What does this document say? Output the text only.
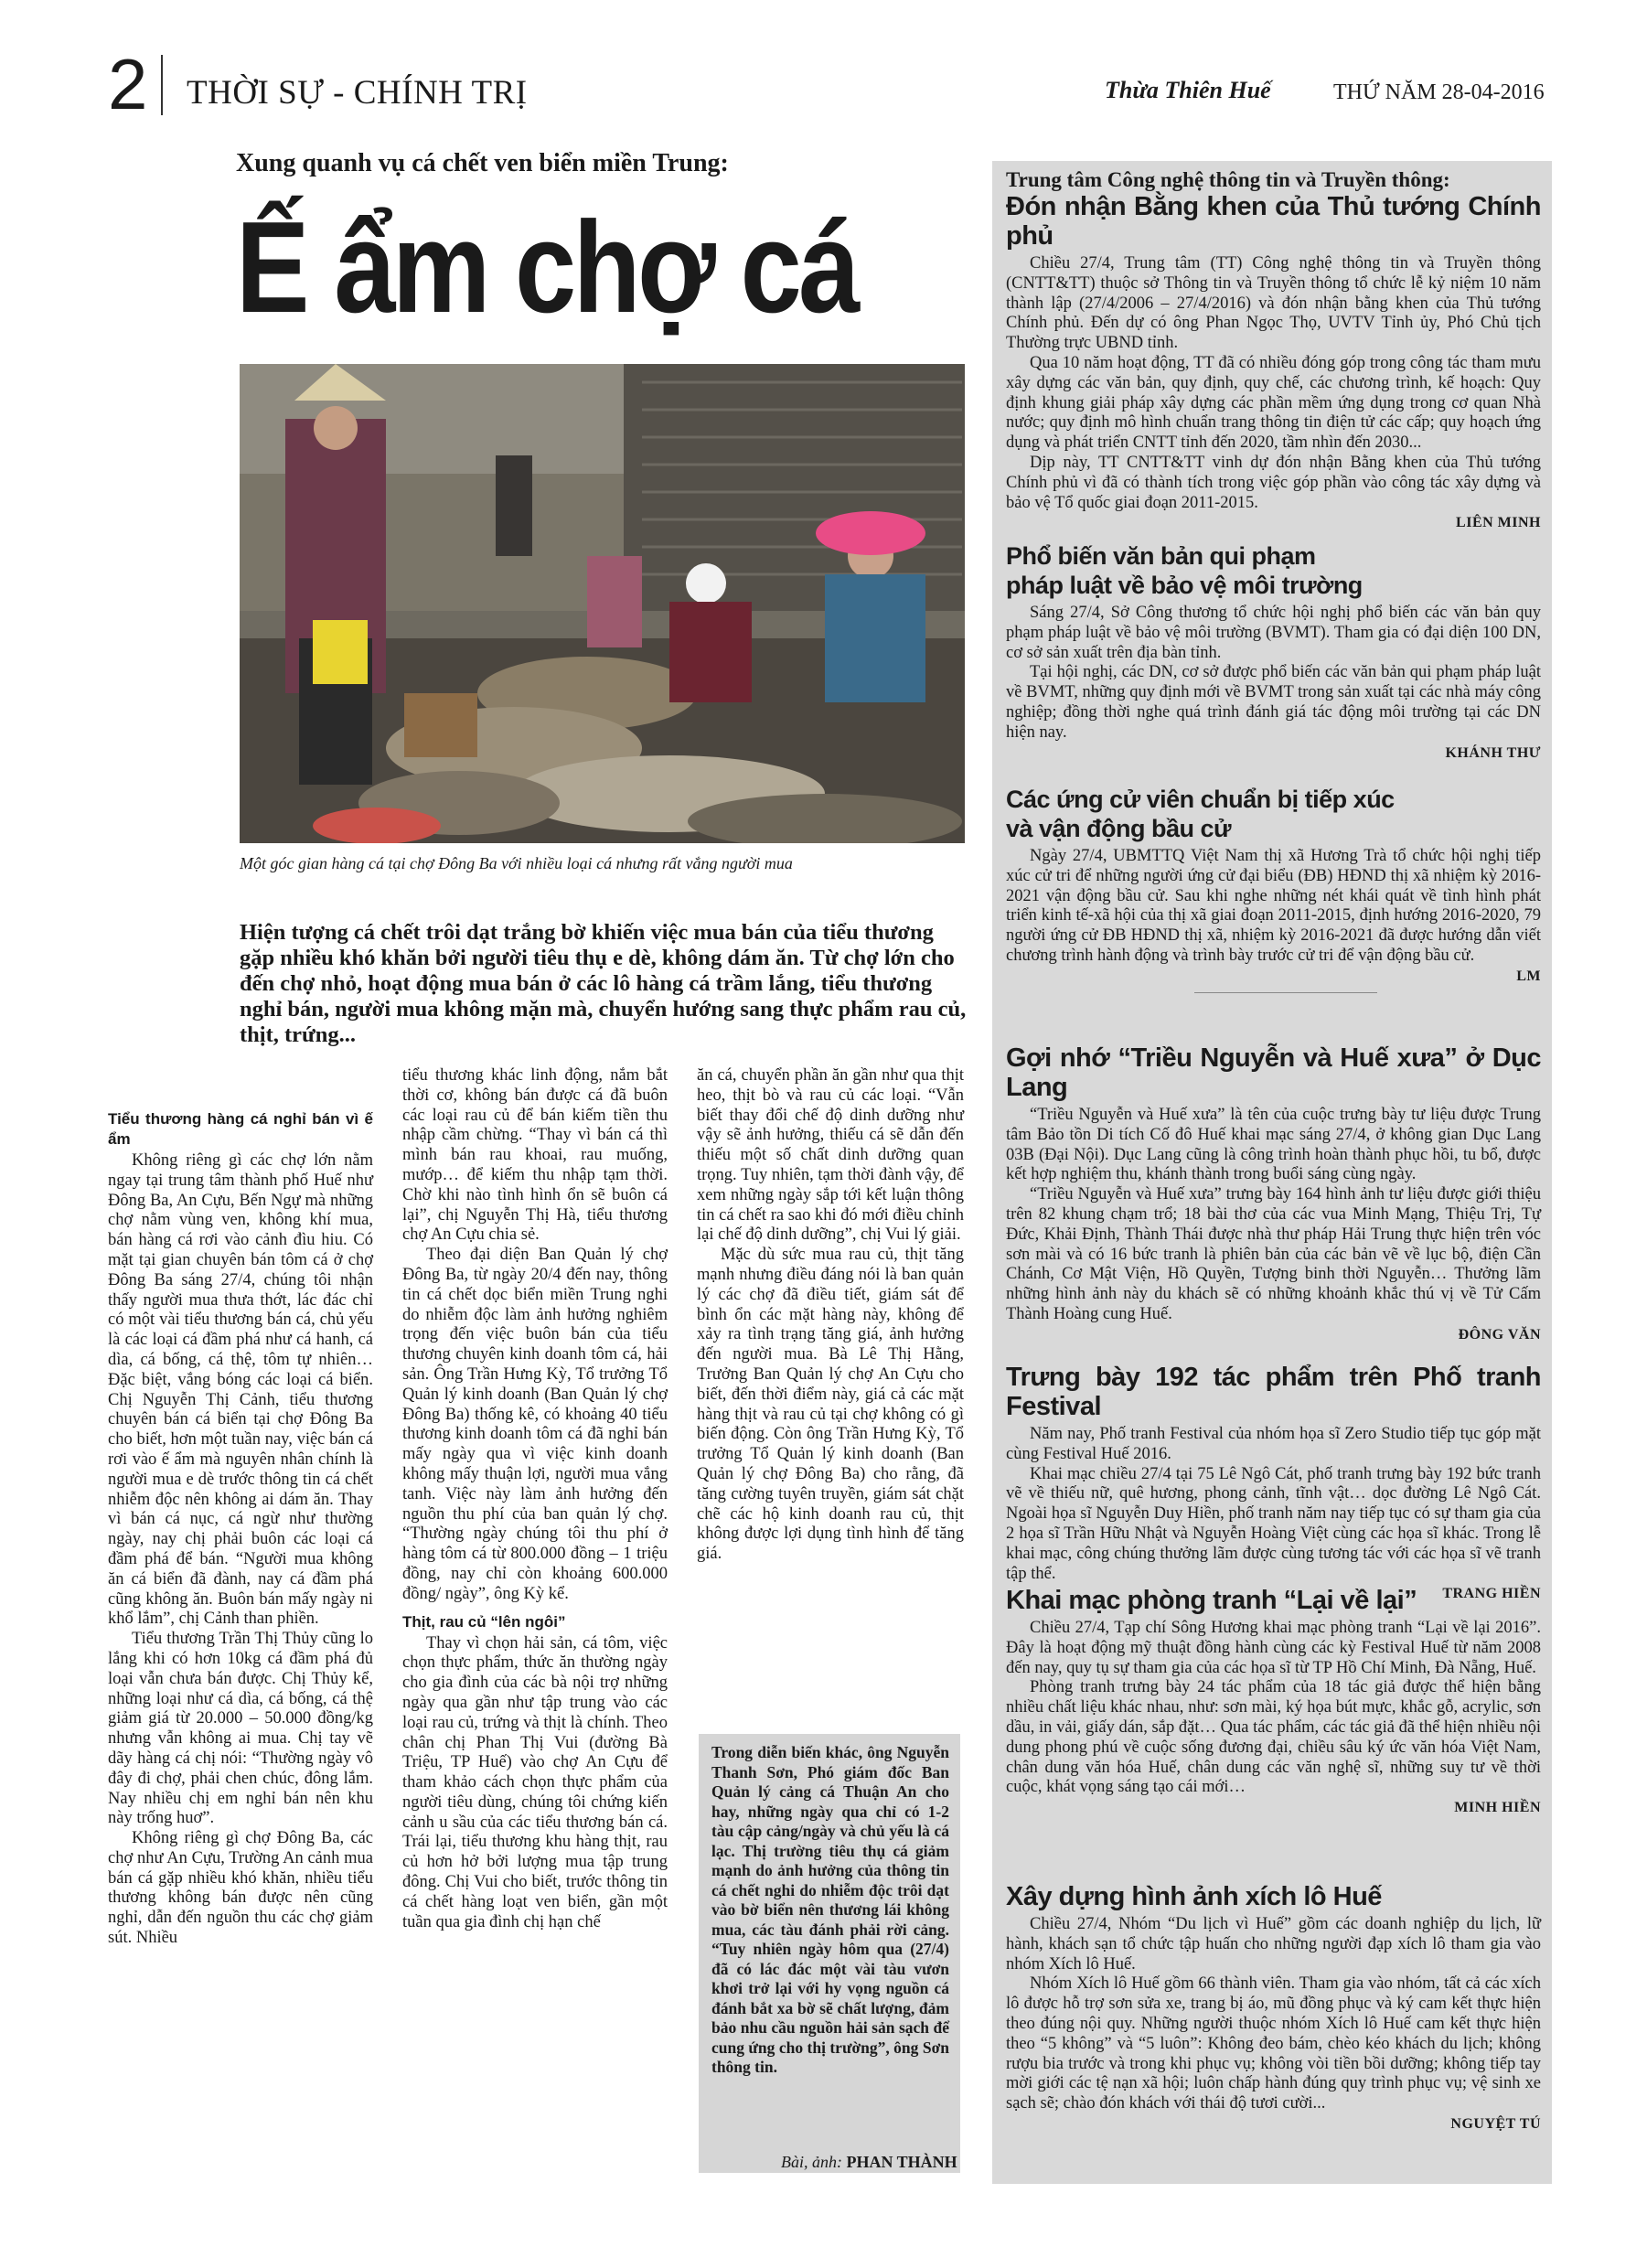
2 THỜI SỰ - CHÍNH TRỊ	Thừa Thiên Huế	THỨ NĂM 28-04-2016
Xung quanh vụ cá chết ven biển miền Trung:
Ế ẩm chợ cá
Một góc gian hàng cá tại chợ Đông Ba với nhiều loại cá nhưng rất vắng người mua
Hiện tượng cá chết trôi dạt trắng bờ khiến việc mua bán của tiểu thương gặp nhiều khó khăn bởi người tiêu thụ e dè, không dám ăn. Từ chợ lớn cho đến chợ nhỏ, hoạt động mua bán ở các lô hàng cá trầm lắng, tiểu thương nghỉ bán, người mua không mặn mà, chuyển hướng sang thực phẩm rau củ, thịt, trứng...
Tiểu thương hàng cá nghỉ bán vì ế ẩm

Không riêng gì các chợ lớn nằm ngay tại trung tâm thành phố Huế như Đông Ba, An Cựu, Bến Ngự mà những chợ nằm vùng ven, không khí mua, bán hàng cá rơi vào cảnh đìu hiu. Có mặt tại gian chuyên bán tôm cá ở chợ Đông Ba sáng 27/4, chúng tôi nhận thấy người mua thưa thớt, lác đác chỉ có một vài tiểu thương bán cá, chủ yếu là các loại cá đầm phá như cá hanh, cá dìa, cá bống, cá thệ, tôm tự nhiên…Đặc biệt, vắng bóng các loại cá biển. Chị Nguyễn Thị Cảnh, tiểu thương chuyên bán cá biển tại chợ Đông Ba cho biết, hơn một tuần nay, việc bán cá rơi vào ế ẩm mà nguyên nhân chính là người mua e dè trước thông tin cá chết nhiễm độc nên không ai dám ăn. Thay vì bán cá nục, cá ngừ như thường ngày, nay chị phải buôn các loại cá đầm phá để bán. “Người mua không ăn cá biển đã đành, nay cá đầm phá cũng không ăn. Buôn bán mấy ngày ni khổ lắm”, chị Cảnh than phiền.

Tiểu thương Trần Thị Thủy cũng lo lắng khi có hơn 10kg cá đầm phá đủ loại vẫn chưa bán được. Chị Thủy kể, những loại như cá dìa, cá bống, cá thệ giảm giá từ 20.000 – 50.000 đồng/kg nhưng vẫn không ai mua. Chị tay vẽ dãy hàng cá chị nói: “Thường ngày vô đây đi chợ, phải chen chúc, đông lắm. Nay nhiều chị em nghỉ bán nên khu này trống huơ”.

Không riêng gì chợ Đông Ba, các chợ như An Cựu, Trường An cảnh mua bán cá gặp nhiều khó khăn, nhiều tiểu thương không bán được nên cũng nghỉ, dẫn đến nguồn thu các chợ giảm sút. Nhiều

tiểu thương khác linh động, nắm bắt thời cơ, không bán được cá đã buôn các loại rau củ để bán kiếm tiền thu nhập cầm chừng. “Thay vì bán cá thì mình bán rau khoai, rau muống, mướp… để kiếm thu nhập tạm thời. Chờ khi nào tình hình ổn sẽ buôn cá lại”, chị Nguyễn Thị Hà, tiểu thương chợ An Cựu chia sẻ.

Theo đại diện Ban Quản lý chợ Đông Ba, từ ngày 20/4 đến nay, thông tin cá chết dọc biển miền Trung nghi do nhiễm độc làm ảnh hưởng nghiêm trọng đến việc buôn bán của tiểu thương chuyên kinh doanh tôm cá, hải sản. Ông Trần Hưng Kỳ, Tổ trưởng Tổ Quản lý kinh doanh (Ban Quản lý chợ Đông Ba) thống kê, có khoảng 40 tiểu thương kinh doanh tôm cá đã nghỉ bán mấy ngày qua vì việc kinh doanh không mấy thuận lợi, người mua vắng tanh. Việc này làm ảnh hưởng đến nguồn thu phí của ban quản lý chợ. “Thường ngày chúng tôi thu phí ở hàng tôm cá từ 800.000 đồng – 1 triệu đồng, nay chỉ còn khoảng 600.000 đồng/ ngày”, ông Kỳ kể.

Thịt, rau củ “lên ngôi”

Thay vì chọn hải sản, cá tôm, việc chọn thực phẩm, thức ăn thường ngày cho gia đình của các bà nội trợ những ngày qua gần như tập trung vào các loại rau củ, trứng và thịt là chính. Theo chân chị Phan Thị Vui (đường Bà Triệu, TP Huế) vào chợ An Cựu để tham khảo cách chọn thực phẩm của người tiêu dùng, chúng tôi chứng kiến cảnh u sầu của các tiểu thương bán cá. Trái lại, tiểu thương khu hàng thịt, rau củ hơn hở bởi lượng mua tập trung đông. Chị Vui cho biết, trước thông tin cá chết hàng loạt ven biển, gần một tuần qua gia đình chị hạn chế

ăn cá, chuyển phần ăn gần như qua thịt heo, thịt bò và rau củ các loại. “Vẫn biết thay đổi chế độ dinh dưỡng như vậy sẽ ảnh hưởng, thiếu cá sẽ dẫn đến thiếu một số chất dinh dưỡng quan trọng. Tuy nhiên, tạm thời đành vậy, để xem những ngày sắp tới kết luận thông tin cá chết ra sao khi đó mới điều chỉnh lại chế độ dinh dưỡng”, chị Vui lý giải.

Mặc dù sức mua rau củ, thịt tăng mạnh nhưng điều đáng nói là ban quản lý các chợ đã điều tiết, giám sát để bình ổn các mặt hàng này, không để xảy ra tình trạng tăng giá, ảnh hưởng đến người mua. Bà Lê Thị Hằng, Trưởng Ban Quản lý chợ An Cựu cho biết, đến thời điểm này, giá cả các mặt hàng thịt và rau củ tại chợ không có gì biến động. Còn ông Trần Hưng Kỳ, Tổ trưởng Tổ Quản lý kinh doanh (Ban Quản lý chợ Đông Ba) cho rằng, đã tăng cường tuyên truyền, giám sát chặt chẽ các hộ kinh doanh rau củ, thịt không được lợi dụng tình hình để tăng giá.

Trong diễn biến khác, ông Nguyễn Thanh Sơn, Phó giám đốc Ban Quản lý cảng cá Thuận An cho hay, những ngày qua chỉ có 1-2 tàu cập cảng/ngày và chủ yếu là cá lạc. Thị trường tiêu thụ cá giảm mạnh do ảnh hưởng của thông tin cá chết nghi do nhiễm độc trôi dạt vào bờ biển nên thương lái không mua, các tàu đánh phải rời cảng. “Tuy nhiên ngày hôm qua (27/4) đã có lác đác một vài tàu vươn khơi trở lại với hy vọng nguồn cá đánh bắt xa bờ sẽ chất lượng, đảm bảo nhu cầu nguồn hải sản sạch để cung ứng cho thị trường”, ông Sơn thông tin.
Bài, ảnh: PHAN THÀNH
Trung tâm Công nghệ thông tin và Truyền thông:
Đón nhận Bằng khen của Thủ tướng Chính phủ

Chiều 27/4, Trung tâm (TT) Công nghệ thông tin và Truyền thông (CNTT&TT) thuộc sở Thông tin và Truyền thông tổ chức lễ kỷ niệm 10 năm thành lập (27/4/2006 – 27/4/2016) và đón nhận bằng khen của Thủ tướng Chính phủ. Đến dự có ông Phan Ngọc Thọ, UVTV Tỉnh ủy, Phó Chủ tịch Thường trực UBND tỉnh.

Qua 10 năm hoạt động, TT đã có nhiều đóng góp trong công tác tham mưu xây dựng các văn bản, quy định, quy chế, các chương trình, kế hoạch: Quy định khung giải pháp xây dựng các phần mềm ứng dụng trong cơ quan Nhà nước; quy định mô hình chuẩn trang thông tin điện tử các cấp; quy hoạch ứng dụng và phát triển CNTT tỉnh đến 2020, tầm nhìn đến 2030...

Dịp này, TT CNTT&TT vinh dự đón nhận Bằng khen của Thủ tướng Chính phủ vì đã có thành tích trong việc góp phần vào công tác xây dựng và bảo vệ Tổ quốc giai đoạn 2011-2015.

LIÊN MINH
Phổ biến văn bản qui phạm
pháp luật về bảo vệ môi trường

Sáng 27/4, Sở Công thương tổ chức hội nghị phổ biến các văn bản quy phạm pháp luật về bảo vệ môi trường (BVMT). Tham gia có đại diện 100 DN, cơ sở sản xuất trên địa bàn tỉnh.

Tại hội nghị, các DN, cơ sở được phổ biến các văn bản qui phạm pháp luật về BVMT, những quy định mới về BVMT trong sản xuất tại các nhà máy công nghiệp; đồng thời nghe quá trình đánh giá tác động môi trường tại các DN hiện nay.

KHÁNH THƯ
Các ứng cử viên chuẩn bị tiếp xúc
và vận động bầu cử

Ngày 27/4, UBMTTQ Việt Nam thị xã Hương Trà tổ chức hội nghị tiếp xúc cử tri để những người ứng cử đại biểu (ĐB) HĐND thị xã nhiệm kỳ 2016-2021 vận động bầu cử. Sau khi nghe những nét khái quát về tình hình phát triển kinh tế-xã hội của thị xã giai đoạn 2011-2015, định hướng 2016-2020, 79 người ứng cử ĐB HĐND thị xã, nhiệm kỳ 2016-2021 đã được hướng dẫn viết chương trình hành động và trình bày trước cử tri để vận động bầu cử.

LM
Gợi nhớ “Triều Nguyễn và Huế xưa” ở Dục Lang

“Triều Nguyễn và Huế xưa” là tên của cuộc trưng bày tư liệu được Trung tâm Bảo tồn Di tích Cố đô Huế khai mạc sáng 27/4, ở không gian Dục Lang 03B (Đại Nội). Dục Lang cũng là công trình hoàn thành phục hồi, tu bổ, được kết hợp nghiệm thu, khánh thành trong buổi sáng cùng ngày.

“Triều Nguyễn và Huế xưa” trưng bày 164 hình ảnh tư liệu được giới thiệu trên 82 khung chạm trổ; 18 bài thơ của các vua Minh Mạng, Thiệu Trị, Tự Đức, Khải Định, Thành Thái được nhà thư pháp Hải Trung thực hiện trên vóc sơn mài và có 16 bức tranh là phiên bản của các bản vẽ về lục bộ, điện Cần Chánh, Cơ Mật Viện, Hồ Quyền, Tượng binh thời Nguyễn… Thưởng lãm những hình ảnh này du khách sẽ có những khoảnh khắc thú vị về Tử Cấm Thành Hoàng cung Huế.

ĐÔNG VĂN
Trưng bày 192 tác phẩm trên Phố tranh Festival

Năm nay, Phố tranh Festival của nhóm họa sĩ Zero Studio tiếp tục góp mặt cùng Festival Huế 2016.

Khai mạc chiều 27/4 tại 75 Lê Ngô Cát, phố tranh trưng bày 192 bức tranh vẽ về thiếu nữ, quê hương, phong cảnh, tĩnh vật… dọc đường Lê Ngô Cát. Ngoài họa sĩ Nguyễn Duy Hiền, phố tranh năm nay tiếp tục có sự tham gia của 2 họa sĩ Trần Hữu Nhật và Nguyễn Hoàng Việt cùng các họa sĩ khác. Trong lễ khai mạc, công chúng thưởng lãm được cùng tương tác với các họa sĩ vẽ tranh tập thể.

TRANG HIỀN
Khai mạc phòng tranh “Lại về lại”

Chiều 27/4, Tạp chí Sông Hương khai mạc phòng tranh “Lại về lại 2016”. Đây là hoạt động mỹ thuật đồng hành cùng các kỳ Festival Huế từ năm 2008 đến nay, quy tụ sự tham gia của các họa sĩ từ TP Hồ Chí Minh, Đà Nẵng, Huế.

Phòng tranh trưng bày 24 tác phẩm của 18 tác giả được thể hiện bằng nhiều chất liệu khác nhau, như: sơn mài, ký họa bút mực, khắc gỗ, acrylic, sơn dầu, in vải, giấy dán, sắp đặt… Qua tác phẩm, các tác giả đã thể hiện nhiều nội dung phong phú về cuộc sống đương đại, chiều sâu ký ức văn hóa Việt Nam, chân dung văn hóa Huế, chân dung các văn nghệ sĩ, những suy tư về thời cuộc, khát vọng sáng tạo cái mới…

MINH HIỀN
Xây dựng hình ảnh xích lô Huế

Chiều 27/4, Nhóm “Du lịch vì Huế” gồm các doanh nghiệp du lịch, lữ hành, khách sạn tổ chức tập huấn cho những người đạp xích lô tham gia vào nhóm Xích lô Huế.

Nhóm Xích lô Huế gồm 66 thành viên. Tham gia vào nhóm, tất cả các xích lô được hỗ trợ sơn sửa xe, trang bị áo, mũ đồng phục và ký cam kết thực hiện theo đúng nội quy. Những người thuộc nhóm Xích lô Huế cam kết thực hiện theo “5 không” và “5 luôn”: Không đeo bám, chèo kéo khách du lịch; không rượu bia trước và trong khi phục vụ; không vòi tiền bồi dưỡng; không tiếp tay mời giới các tệ nạn xã hội; luôn chấp hành đúng quy trình phục vụ; vệ sinh xe sạch sẽ; chào đón khách với thái độ tươi cười...

NGUYỆT TÚ
